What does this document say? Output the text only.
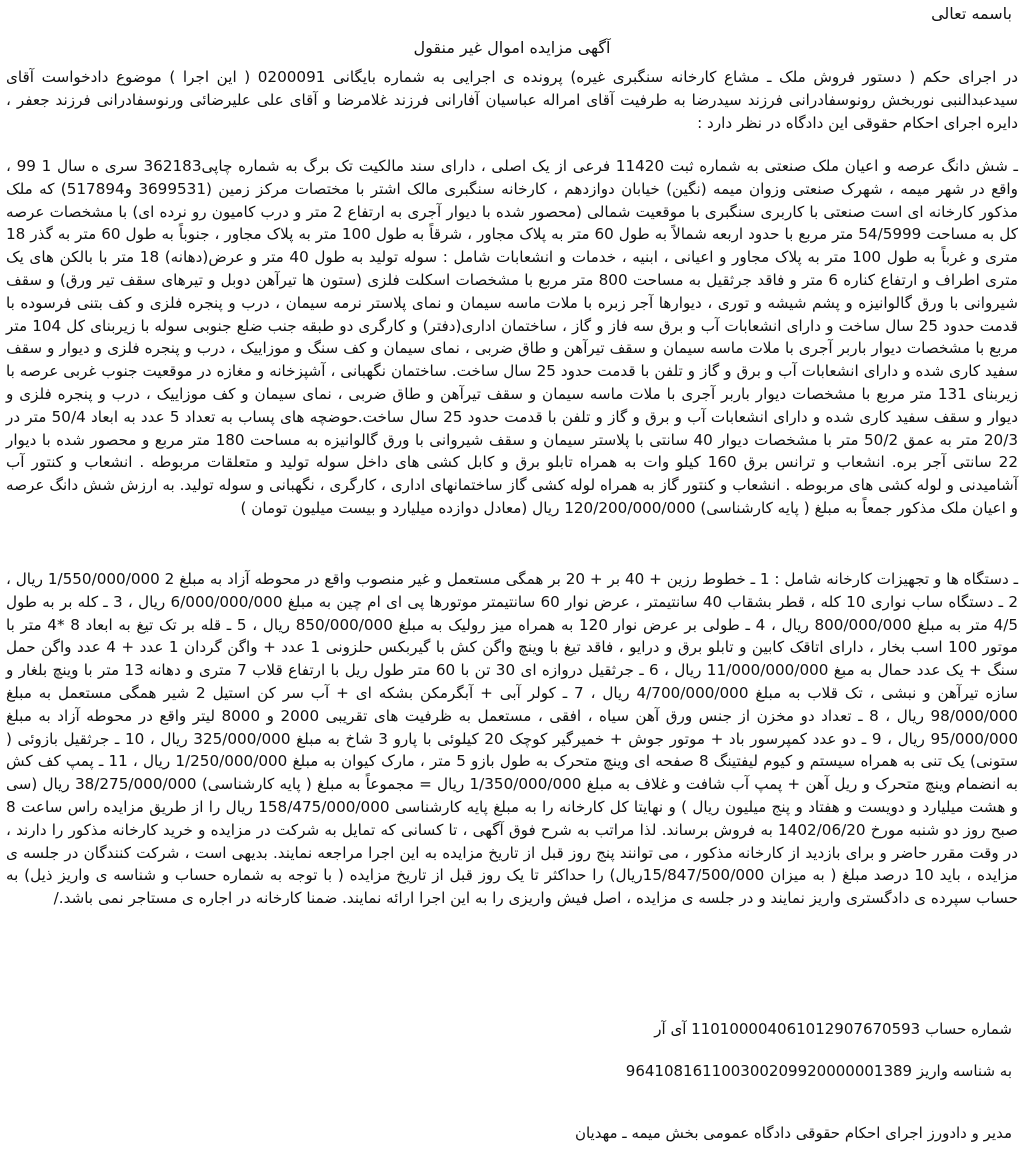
باسمه تعالی

آگهی مزایده اموال غیر منقول

در اجرای حکم ( دستور فروش ملک ـ مشاع کارخانه سنگبری غیره) پرونده ی اجرایی به شماره بایگانی 0200091 ( این اجرا ) موضوع دادخواست آقای سیدعبدالنبی نوربخش رونوسفادرانی فرزند سیدرضا به طرفیت آقای امراله عباسیان آفارانی فرزند غلامرضا و آقای علی علیرضائی ورنوسفادرانی فرزند جعفر ، دایره اجرای احکام حقوقی این دادگاه در نظر دارد :

ـ شش دانگ عرصه و اعیان ملک صنعتی به شماره ثبت 11420 فرعی از یک اصلی ، دارای سند مالکیت تک برگ به شماره چاپی362183 سری ه سال 1 99 ، واقع در شهر میمه ، شهرک صنعتی وزوان میمه (نگین) خیابان دوازدهم ، کارخانه سنگبری مالک اشتر با مختصات مرکز زمین (3699531 و517894) که ملک مذکور کارخانه ای است صنعتی با کاربری سنگبری با موقعیت شمالی (محصور شده با دیوار آجری به ارتفاع 2 متر و درب کامیون رو نرده ای) با مشخصات عرصه کل به مساحت 54/5999 متر مربع با حدود اربعه شمالاً به طول 60 متر به پلاک مجاور ، شرقاً به طول 100 متر به پلاک مجاور ، جنوباً به طول 60 متر به گذر 18 متری و غرباً به طول 100 متر به پلاک مجاور و اعیانی ، ابنیه ، خدمات و انشعابات شامل : سوله تولید به طول 40 متر و عرض(دهانه) 18 متر با بالکن های یک متری اطراف و ارتفاع کناره 6 متر و فاقد جرثقیل به مساحت 800 متر مربع با مشخصات اسکلت فلزی (ستون ها تیرآهن دوبل و تیرهای سقف تیر ورق) و سقف شیروانی با ورق گالوانیزه و پشم شیشه و توری ، دیوارها آجر زبره با ملات ماسه سیمان و نمای پلاستر نرمه سیمان ، درب و پنجره فلزی و کف بتنی فرسوده با قدمت حدود 25 سال ساخت و دارای انشعابات آب و برق سه فاز و گاز ، ساختمان اداری(دفتر) و کارگری دو طبقه جنب ضلع جنوبی سوله با زیربنای کل 104 متر مربع با مشخصات دیوار باربر آجری با ملات ماسه سیمان و سقف تیرآهن و طاق ضربی ، نمای سیمان و کف سنگ و موزاییک ، درب و پنجره فلزی و دیوار و سقف سفید کاری شده و دارای انشعابات آب و برق و گاز و تلفن با قدمت حدود 25 سال ساخت. ساختمان نگهبانی ، آشپزخانه و مغازه در موقعیت جنوب غربی عرصه با زیربنای 131 متر مربع با مشخصات دیوار باربر آجری با ملات ماسه سیمان و سقف تیرآهن و طاق ضربی ، نمای سیمان و کف موزاییک ، درب و پنجره فلزی و دیوار و سقف سفید کاری شده و دارای انشعابات آب و برق و گاز و تلفن با قدمت حدود 25 سال ساخت.حوضچه های پساب به تعداد 5 عدد به ابعاد 50/4 متر در 20/3 متر به عمق 50/2 متر با مشخصات دیوار 40 سانتی با پلاستر سیمان و سقف شیروانی با ورق گالوانیزه به مساحت 180 متر مربع و محصور شده با دیوار 22 سانتی آجر بره. انشعاب و ترانس برق 160 کیلو وات به همراه تابلو برق و کابل کشی های داخل سوله تولید و متعلقات مربوطه . انشعاب و کنتور آب آشامیدنی و لوله کشی های مربوطه . انشعاب و کنتور گاز به همراه لوله کشی گاز ساختمانهای اداری ، کارگری ، نگهبانی و سوله تولید. به ارزش شش دانگ عرصه و اعیان ملک مذکور جمعاً به مبلغ ( پایه کارشناسی) 120/200/000/000 ریال (معادل دوازده میلیارد و بیست میلیون تومان )

ـ دستگاه ها و تجهیزات کارخانه شامل : 1 ـ خطوط رزین + 40 بر + 20 بر همگی مستعمل و غیر منصوب واقع در محوطه آزاد به مبلغ 2 1/550/000/000 ریال ، 2 ـ دستگاه ساب نواری 10 کله ، قطر بشقاب 40 سانتیمتر ، عرض نوار 60 سانتیمتر موتورها پی ای ام چین به مبلغ 6/000/000/000 ریال ، 3 ـ کله بر به طول 4/5 متر به مبلغ 800/000/000 ریال ، 4 ـ طولی بر عرض نوار 120 به همراه میز رولیک به مبلغ 850/000/000 ریال ، 5 ـ قله بر تک تیغ به ابعاد 8 *4 متر با موتور 100 اسب بخار ، دارای اتاقک کابین و تابلو برق و درایو ، فاقد تیغ با وینچ واگن کش با گیربکس حلزونی 1 عدد + واگن گردان 1 عدد + 4 عدد واگن حمل سنگ + یک عدد حمال به مبغ 11/000/000/000 ریال ، 6 ـ جرثقیل دروازه ای 30 تن با 60 متر طول ریل با ارتفاع قلاب 7 متری و دهانه 13 متر با وینچ بلغار و سازه تیرآهن و نبشی ، تک قلاب به مبلغ 4/700/000/000 ریال ، 7 ـ کولر آبی + آبگرمکن بشکه ای + آب سر کن استیل 2 شیر همگی مستعمل به مبلغ 98/000/000 ریال ، 8 ـ تعداد دو مخزن از جنس ورق آهن سیاه ، افقی ، مستعمل به ظرفیت های تقریبی 2000 و 8000 لیتر واقع در محوطه آزاد به مبلغ 95/000/000 ریال ، 9 ـ دو عدد کمپرسور باد + موتور جوش + خمیرگیر کوچک 20 کیلوئی با پارو 3 شاخ به مبلغ 325/000/000 ریال ، 10 ـ جرثقیل بازوئی ( ستونی) یک تنی به همراه سیستم و کیوم لیفتینگ 8 صفحه ای وینچ متحرک به طول بازو 5 متر ، مارک کیوان به مبلغ 1/250/000/000 ریال ، 11 ـ پمپ کف کش به انضمام وینچ متحرک و ریل آهن + پمپ آب شافت و غلاف به مبلغ 1/350/000/000 ریال = مجموعاً به مبلغ ( پایه کارشناسی) 38/275/000/000 ریال (سی و هشت میلیارد و دویست و هفتاد و پنج میلیون ریال ) و نهایتا کل کارخانه را به مبلغ پایه کارشناسی 158/475/000/000 ریال را از طریق مزایده راس ساعت 8 صبح روز دو شنبه مورخ 1402/06/20 به فروش برساند. لذا مراتب به شرح فوق آگهی ، تا کسانی که تمایل به شرکت در مزایده و خرید کارخانه مذکور را دارند ، در وقت مقرر حاضر و برای بازدید از کارخانه مذکور ، می توانند پنج روز قبل از تاریخ مزایده به این اجرا مراجعه نمایند. بدیهی است ، شرکت کنندگان در جلسه ی مزایده ، باید 10 درصد مبلغ ( به میزان 15/847/500/000ریال) را حداکثر تا یک روز قبل از تاریخ مزایده ( با توجه به شماره حساب و شناسه ی واریز ذیل) به حساب سپرده ی دادگستری واریز نمایند و در جلسه ی مزایده ، اصل فیش واریزی را به این اجرا ارائه نمایند. ضمنا کارخانه در اجاره ی مستاجر نمی باشد./

شماره حساب 1101000040610129076705​93 آی آر

به شناسه واریز 964108161100300209920000001389

مدیر و دادورز اجرای احکام حقوقی دادگاه عمومی بخش میمه ـ مهدیان
